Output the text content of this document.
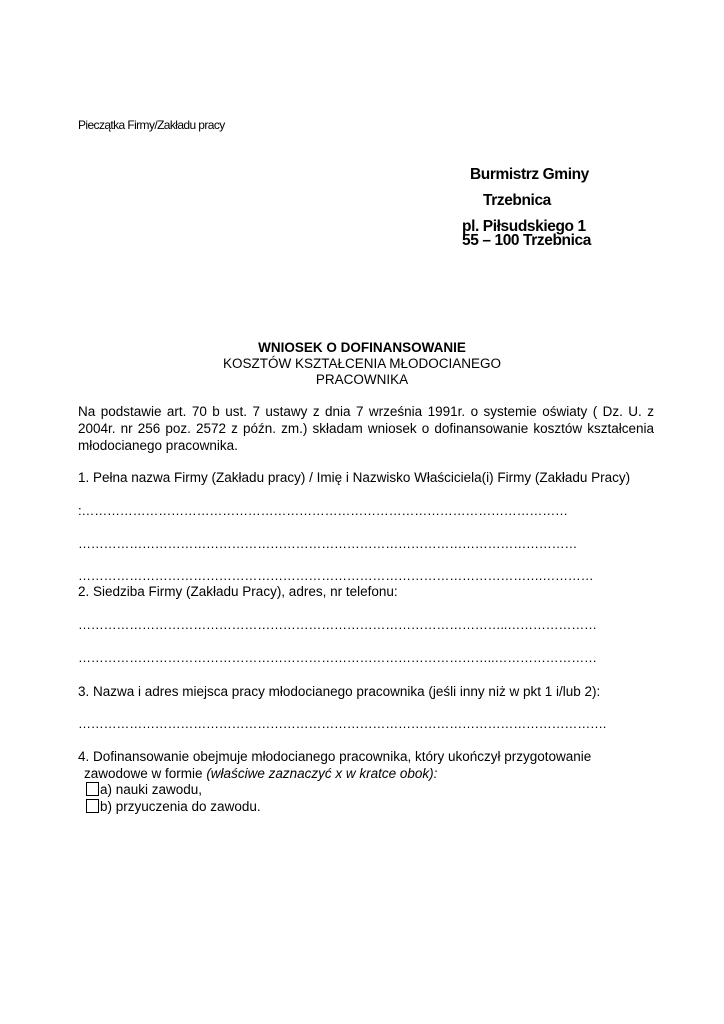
Pieczątka Firmy/Zakładu pracy
Burmistrz Gminy
Trzebnica
pl. Piłsudskiego 1
55 – 100 Trzebnica
WNIOSEK O DOFINANSOWANIE
KOSZTÓW KSZTAŁCENIA MŁODOCIANEGO
PRACOWNIKA
Na podstawie art. 70 b ust. 7 ustawy z dnia 7 września 1991r. o systemie oświaty ( Dz. U. z 2004r. nr 256 poz. 2572 z późn. zm.) składam wniosek o dofinansowanie kosztów kształcenia młodocianego pracownika.
1. Pełna nazwa Firmy (Zakładu pracy) / Imię i Nazwisko Właściciela(i) Firmy (Zakładu Pracy)
:……………………………………………………………………………………………………
………………………………………………………………………………………………………
……………………………………………………………………………………………….…………
2. Siedziba Firmy (Zakładu Pracy), adres, nr telefonu:
………………………………………………………………………………………..…………………
……………………………………………………………………………………..……………………
3. Nazwa i adres miejsca pracy młodocianego pracownika (jeśli inny niż w pkt 1 i/lub 2):
…………………………………………………………………………………………………………….
4. Dofinansowanie obejmuje młodocianego pracownika, który ukończył przygotowanie
zawodowe w formie (właściwe zaznaczyć x w kratce obok):
a) nauki zawodu,
b) przyuczenia do zawodu.
